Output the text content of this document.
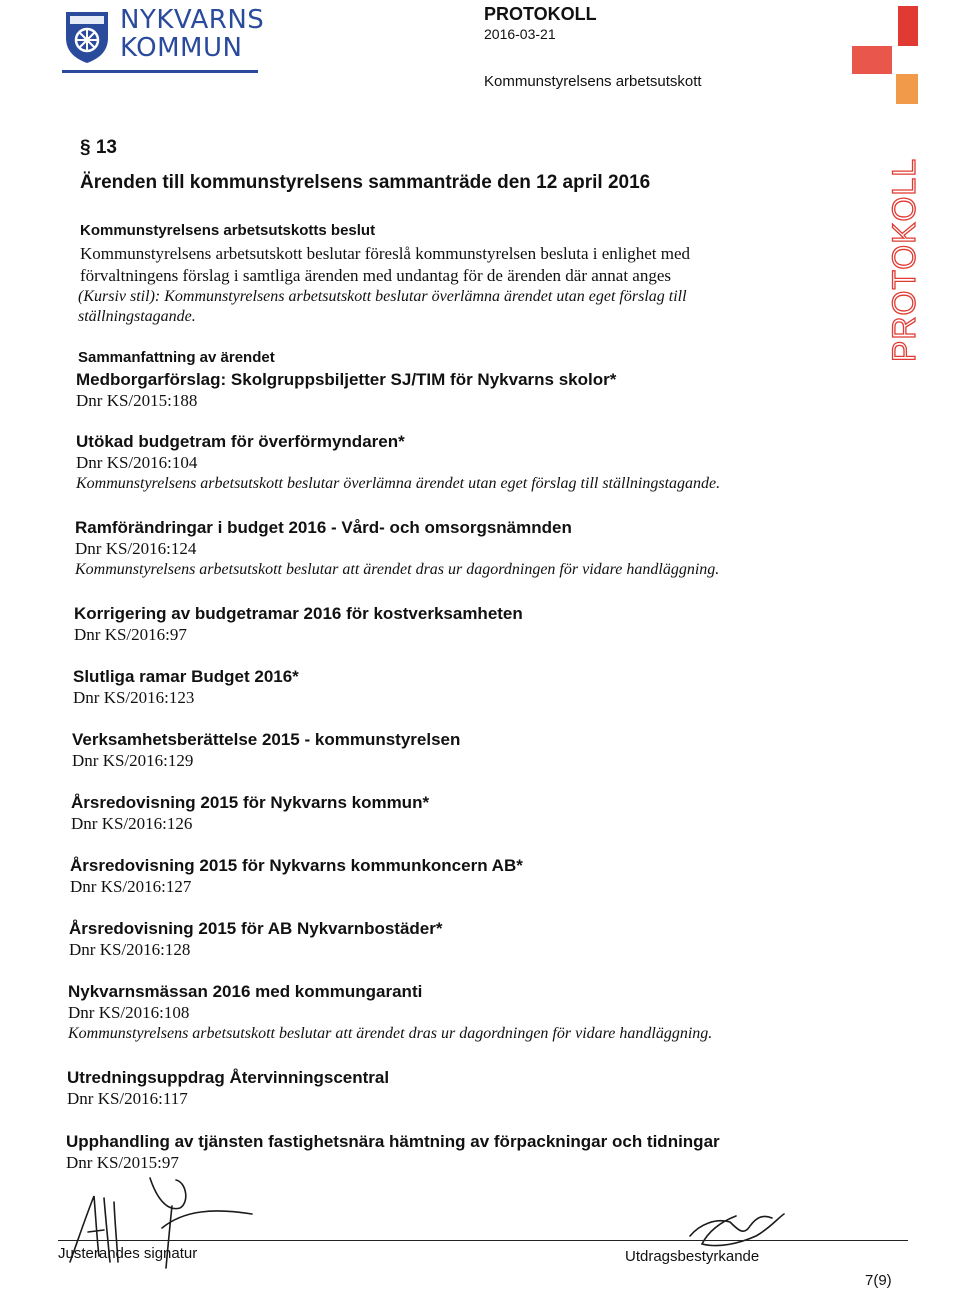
NYKVARNS
KOMMUN
PROTOKOLL
2016-03-21
Kommunstyrelsens arbetsutskott
PROTOKOLL
§ 13
Ärenden till kommunstyrelsens sammanträde den 12 april 2016
Kommunstyrelsens arbetsutskotts beslut
Kommunstyrelsens arbetsutskott beslutar föreslå kommunstyrelsen besluta i enlighet med förvaltningens förslag i samtliga ärenden med undantag för de ärenden där annat anges
(Kursiv stil): Kommunstyrelsens arbetsutskott beslutar överlämna ärendet utan eget förslag till ställningstagande.
Sammanfattning av ärendet
Medborgarförslag: Skolgruppsbiljetter SJ/TIM för Nykvarns skolor*
Dnr KS/2015:188
Utökad budgetram för överförmyndaren*
Dnr KS/2016:104
Kommunstyrelsens arbetsutskott beslutar överlämna ärendet utan eget förslag till ställningstagande.
Ramförändringar i budget 2016 - Vård- och omsorgsnämnden
Dnr KS/2016:124
Kommunstyrelsens arbetsutskott beslutar att ärendet dras ur dagordningen för vidare handläggning.
Korrigering av budgetramar 2016 för kostverksamheten
Dnr KS/2016:97
Slutliga ramar Budget 2016*
Dnr KS/2016:123
Verksamhetsberättelse 2015 - kommunstyrelsen
Dnr KS/2016:129
Årsredovisning 2015 för Nykvarns kommun*
Dnr KS/2016:126
Årsredovisning 2015 för Nykvarns kommunkoncern AB*
Dnr KS/2016:127
Årsredovisning 2015 för AB Nykvarnbostäder*
Dnr KS/2016:128
Nykvarnsmässan 2016 med kommungaranti
Dnr KS/2016:108
Kommunstyrelsens arbetsutskott beslutar att ärendet dras ur dagordningen för vidare handläggning.
Utredningsuppdrag Återvinningscentral
Dnr KS/2016:117
Upphandling av tjänsten fastighetsnära hämtning av förpackningar och tidningar
Dnr KS/2015:97
Justerandes signatur	Utdragsbestyrkande
7(9)
